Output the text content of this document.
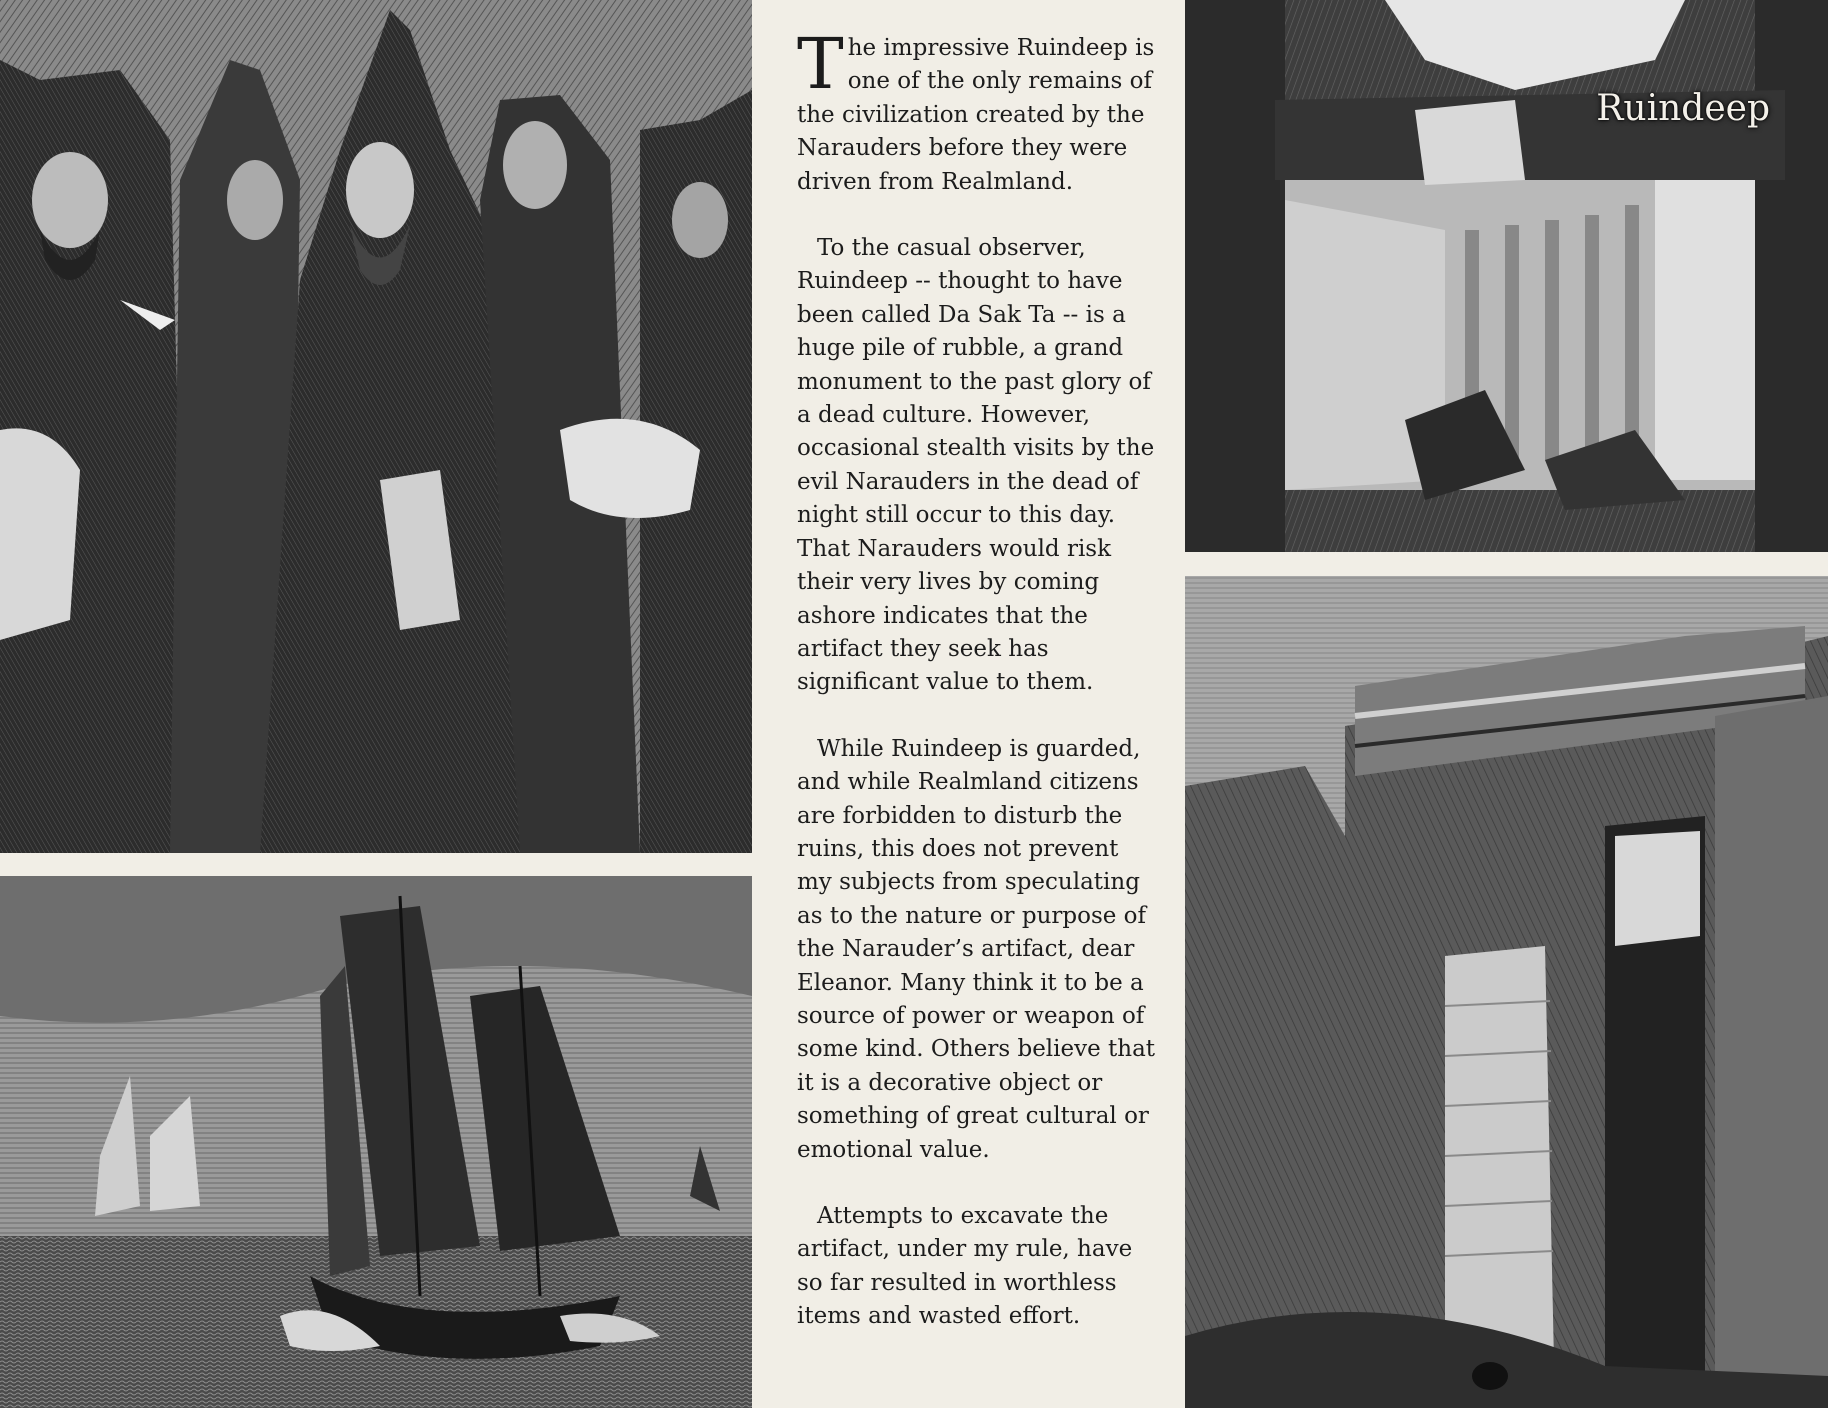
The impressive Ruindeep is one of the only remains of the civilization created by the Narauders before they were driven from Realmland.

To the casual observer, Ruindeep -- thought to have been called Da Sak Ta -- is a huge pile of rubble, a grand monument to the past glory of a dead culture. However, occasional stealth visits by the evil Narauders in the dead of night still occur to this day. That Narauders would risk their very lives by coming ashore indicates that the artifact they seek has significant value to them.

While Ruindeep is guarded, and while Realmland citizens are forbidden to disturb the ruins, this does not prevent my subjects from speculating as to the nature or purpose of the Narauder’s artifact, dear Eleanor. Many think it to be a source of power or weapon of some kind. Others believe that it is a decorative object or something of great cultural or emotional value.

Attempts to excavate the artifact, under my rule, have so far resulted in worthless items and wasted effort.

Ruindeep
